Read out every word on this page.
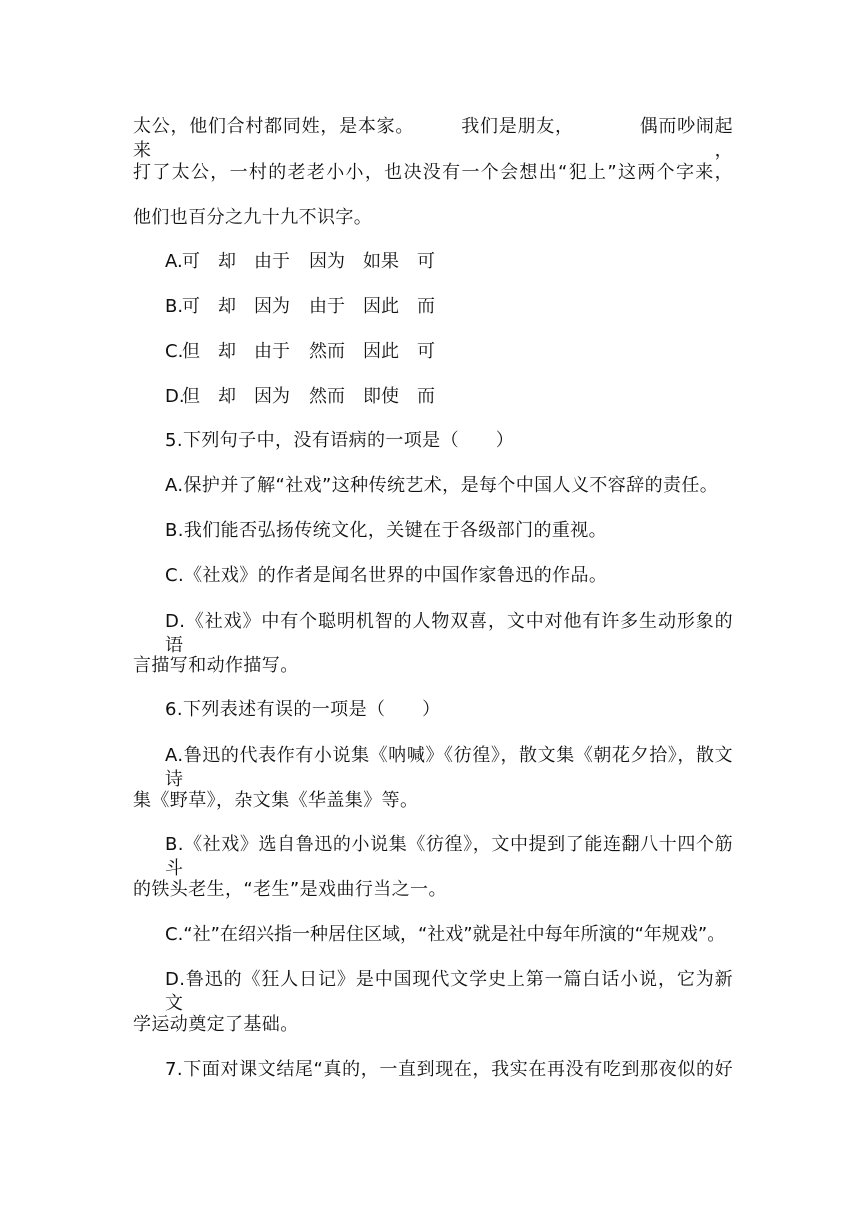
太公，他们合村都同姓，是本家。　　　我们是朋友，　　　　偶而吵闹起来，
打了太公，一村的老老小小，也决没有一个会想出“犯上”这两个字来，
他们也百分之九十九不识字。
A. 可 却 由于 因为 如果 可
B.
可 却 因为 由于 因此 而
C.
但 却 由于 然而 因此 可
D.
但 却 因为 然而 即使 而
5.下列句子中，没有语病的一项是（　　）
A.保护并了解“社戏”这种传统艺术，是每个中国人义不容辞的责任。
B.我们能否弘扬传统文化，关键在于各级部门的重视。
C.《社戏》的作者是闻名世界的中国作家鲁迅的作品。
D.《社戏》中有个聪明机智的人物双喜，文中对他有许多生动形象的语
言描写和动作描写。
6.下列表述有误的一项是（　　）
A.鲁迅的代表作有小说集《呐喊》《彷徨》，散文集《朝花夕拾》，散文诗
集《野草》，杂文集《华盖集》等。
B.《社戏》选自鲁迅的小说集《彷徨》，文中提到了能连翻八十四个筋斗
的铁头老生，“老生”是戏曲行当之一。
C.“社”在绍兴指一种居住区域，“社戏”就是社中每年所演的“年规戏”。
D.鲁迅的《狂人日记》是中国现代文学史上第一篇白话小说，它为新文
学运动奠定了基础。
7.下面对课文结尾“真的，一直到现在，我实在再没有吃到那夜似的好
